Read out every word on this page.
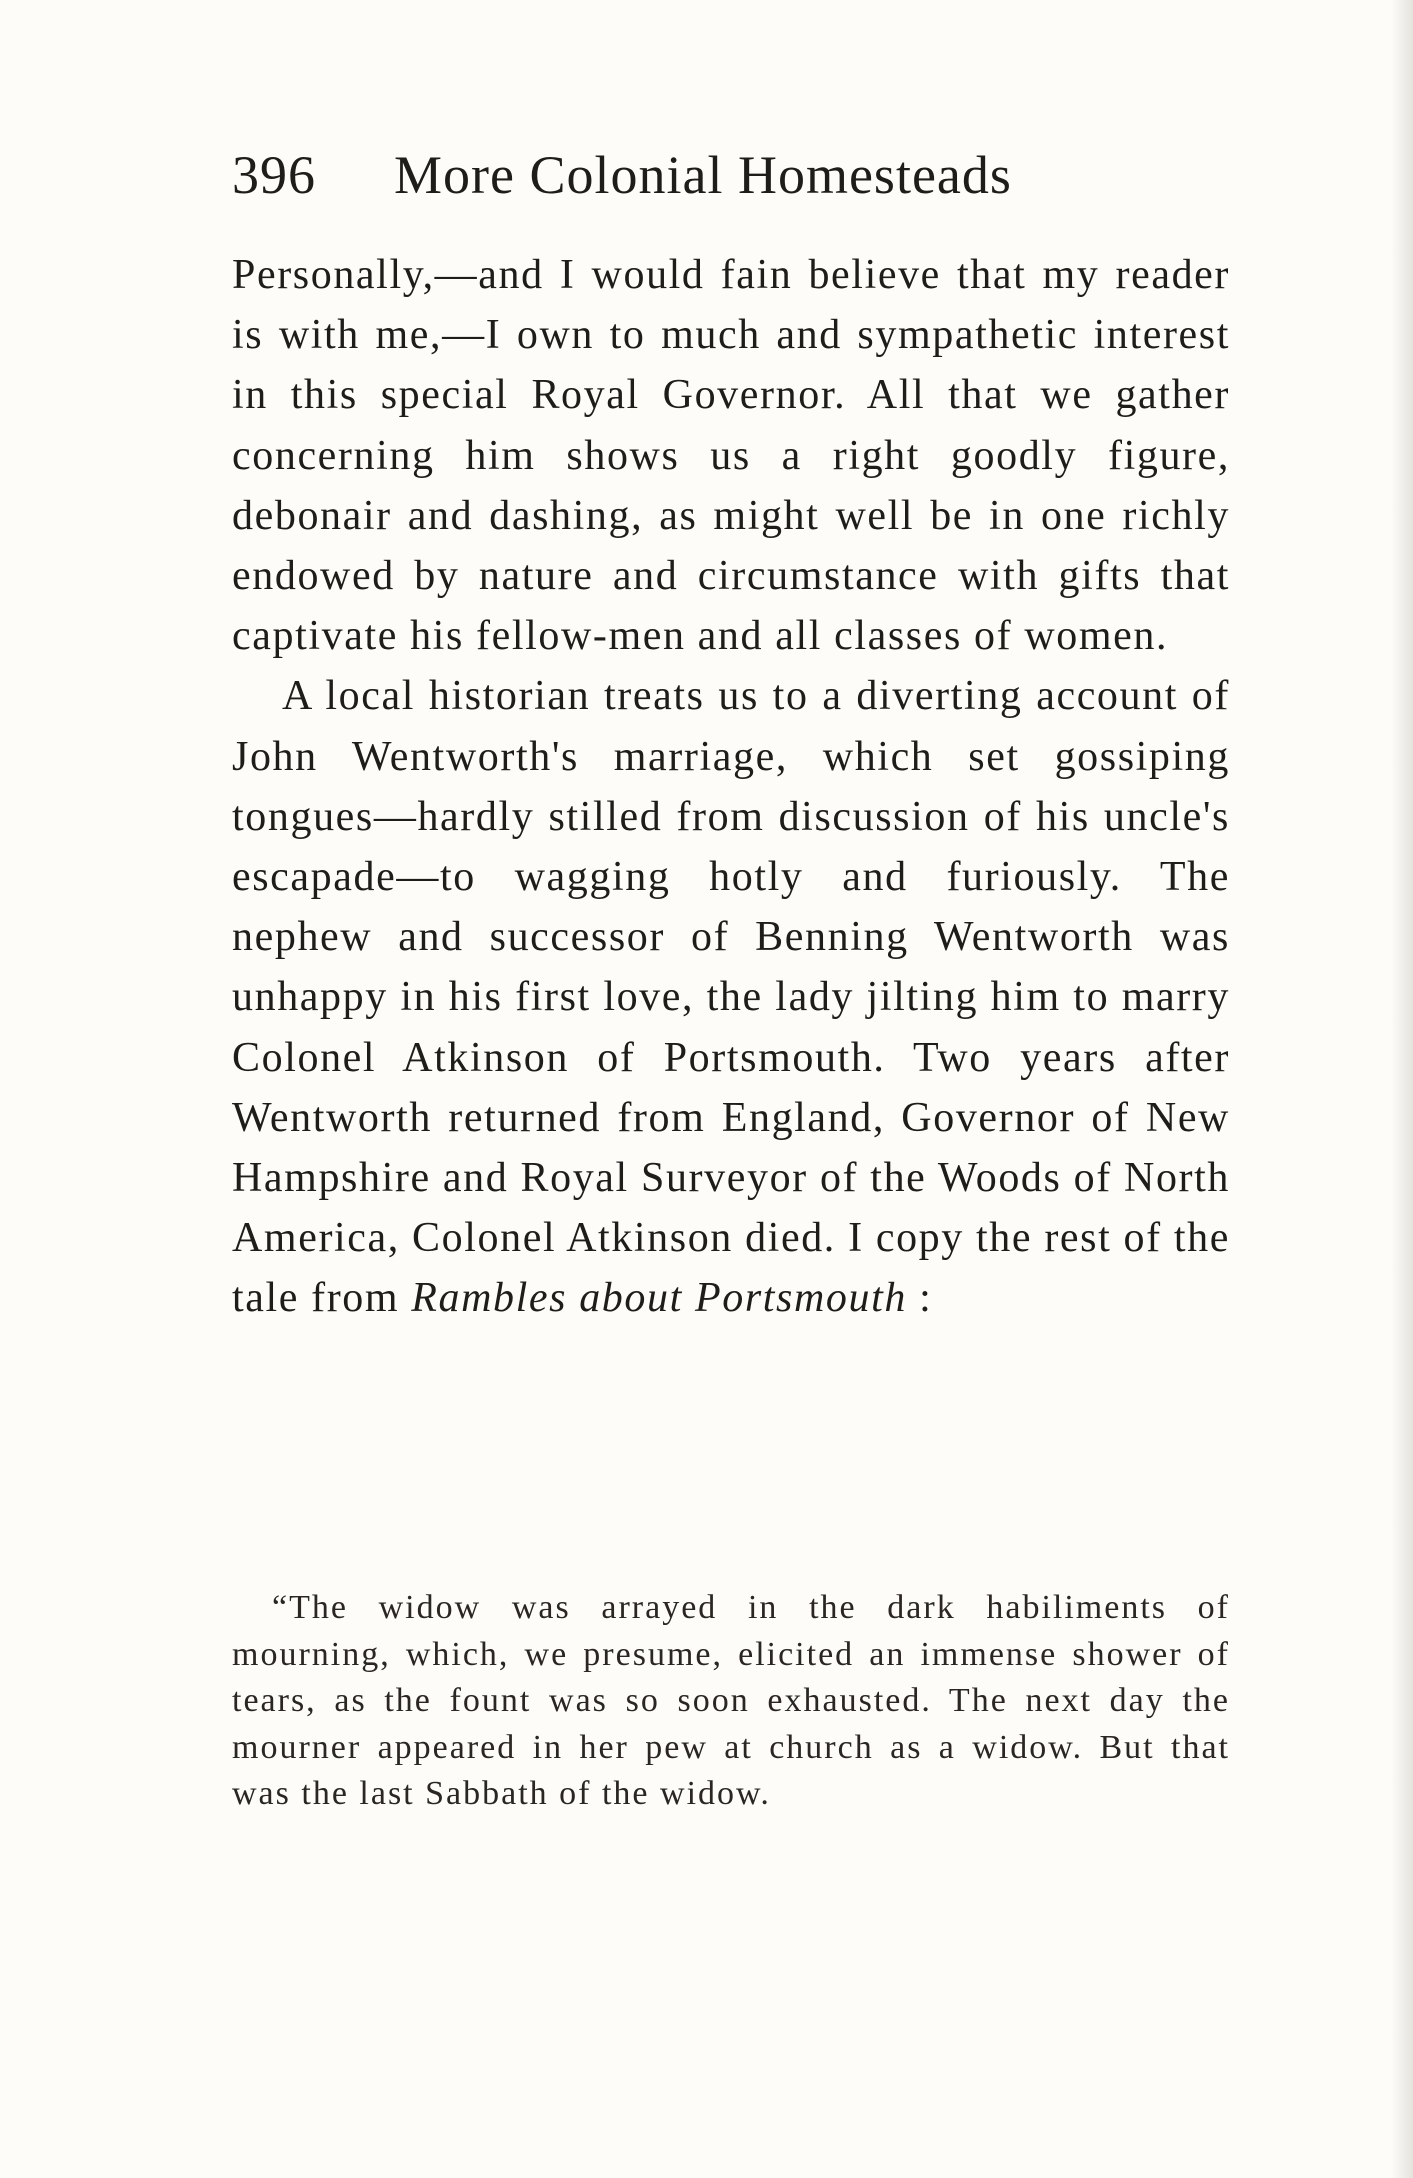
396 More Colonial Homesteads

Personally,—and I would fain believe that my reader is with me,—I own to much and sympathetic interest in this special Royal Governor. All that we gather concerning him shows us a right goodly figure, debonair and dashing, as might well be in one richly endowed by nature and circumstance with gifts that captivate his fellow-men and all classes of women.

A local historian treats us to a diverting account of John Wentworth's marriage, which set gossiping tongues—hardly stilled from discussion of his uncle's escapade—to wagging hotly and furiously. The nephew and successor of Benning Wentworth was unhappy in his first love, the lady jilting him to marry Colonel Atkinson of Portsmouth. Two years after Wentworth returned from England, Governor of New Hampshire and Royal Surveyor of the Woods of North America, Colonel Atkinson died. I copy the rest of the tale from Rambles about Portsmouth :

“The widow was arrayed in the dark habiliments of mourning, which, we presume, elicited an immense shower of tears, as the fount was so soon exhausted. The next day the mourner appeared in her pew at church as a widow. But that was the last Sabbath of the widow.
